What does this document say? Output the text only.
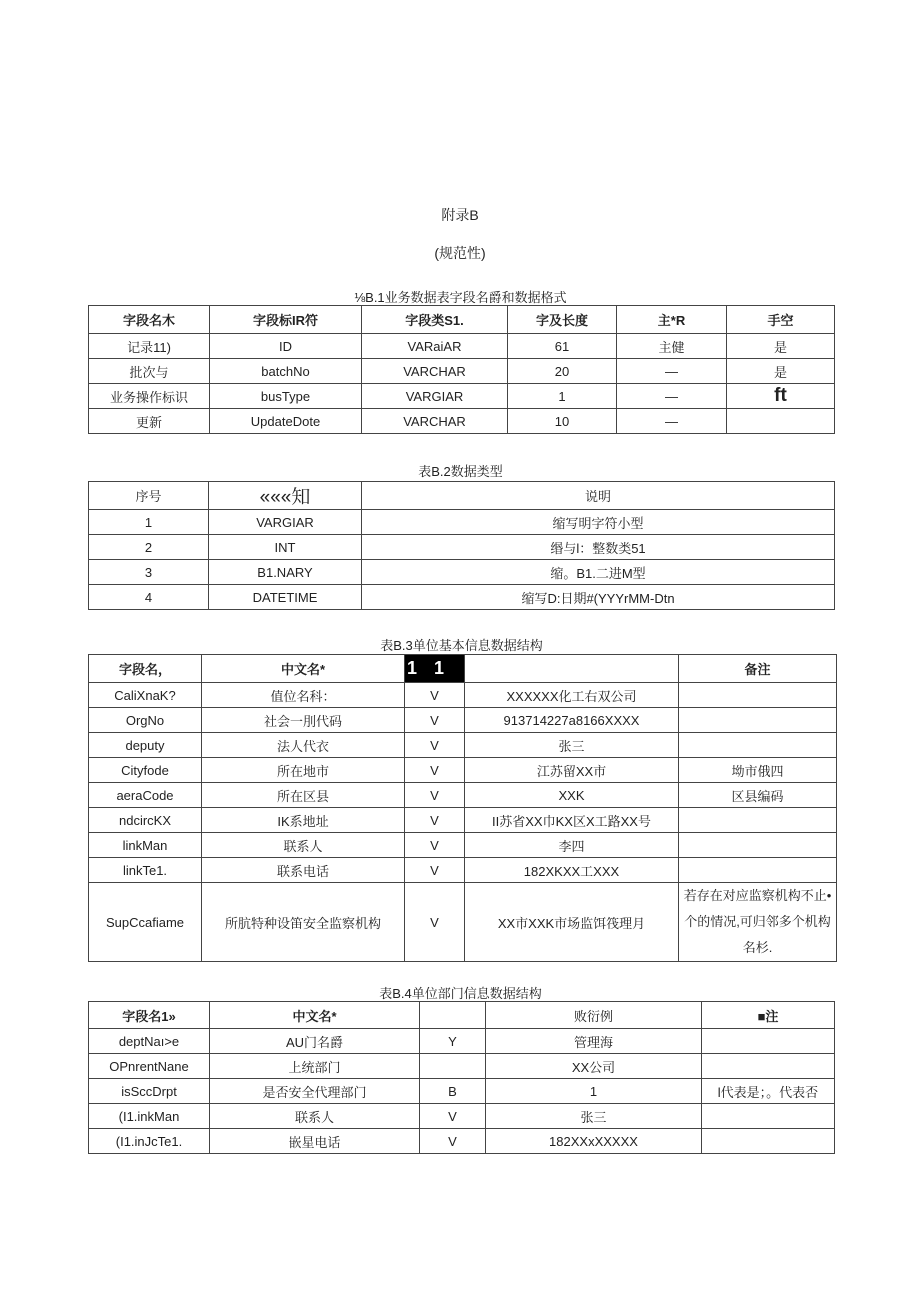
附录B
(规范性)
⅛B.1业务数据表字段名爵和数据格式
字段名木	字段标IR符	字段类S1.	字及长度	主*R	手空
记录11)	ID	VARaiAR	61	主健	是
批次与	batchNo	VARCHAR	20	—	是
业务操作标识	busType	VARGIAR	1	—	ft
更新	UpdateDote	VARCHAR	10	—	
表B.2数据类型
序号	«««知	说明
1	VARGIAR	缩写明字符小型
2	INT	缗与l：整数类51
3	B1.NARY	缩。B1.二进M型
4	DATETIME	缩写D:日期#(YYYrMM-Dtn
表B.3单位基本信息数据结构
字段名，	中文名*	1 1		备注
CaliXnaK?	值位名科：	V	XXXXXX化工右双公司	
OrgNo	社会一刖代码	V	913714227a8166XXXX	
deputy	法人代衣	V	张三	
Cityfode	所在地市	V	江苏留XX市	坳市俄四
aeraCode	所在区县	V	XXK	区县编码
ndcircKX	IK系地址	V	II苏省XX巾KX区X工路XX号	
linkMan	联系人	V	李四	
linkTe1.	联系电话	V	182XKXX工XXX	
SupCcafiame	所肮特种设笛安全监察机构	V	XX市XXK市场监饵筏理月	若存在对应监察机构不止•个的情况,可归邻多个机构名杉.
表B.4单位部门信息数据结构
字段名1»	中文名*		败衍例	■注
deptNaı>e	AU门名爵	Y	管理海	
OPnrentNane	上统部门		XX公司	
isSccDrpt	是否安全代理部门	B	1	l代表是；。代表否
(I1.inkMan	联系人	V	张三	
(I1.inJcTe1.	嵌星电话	V	182XXxXXXXX	
